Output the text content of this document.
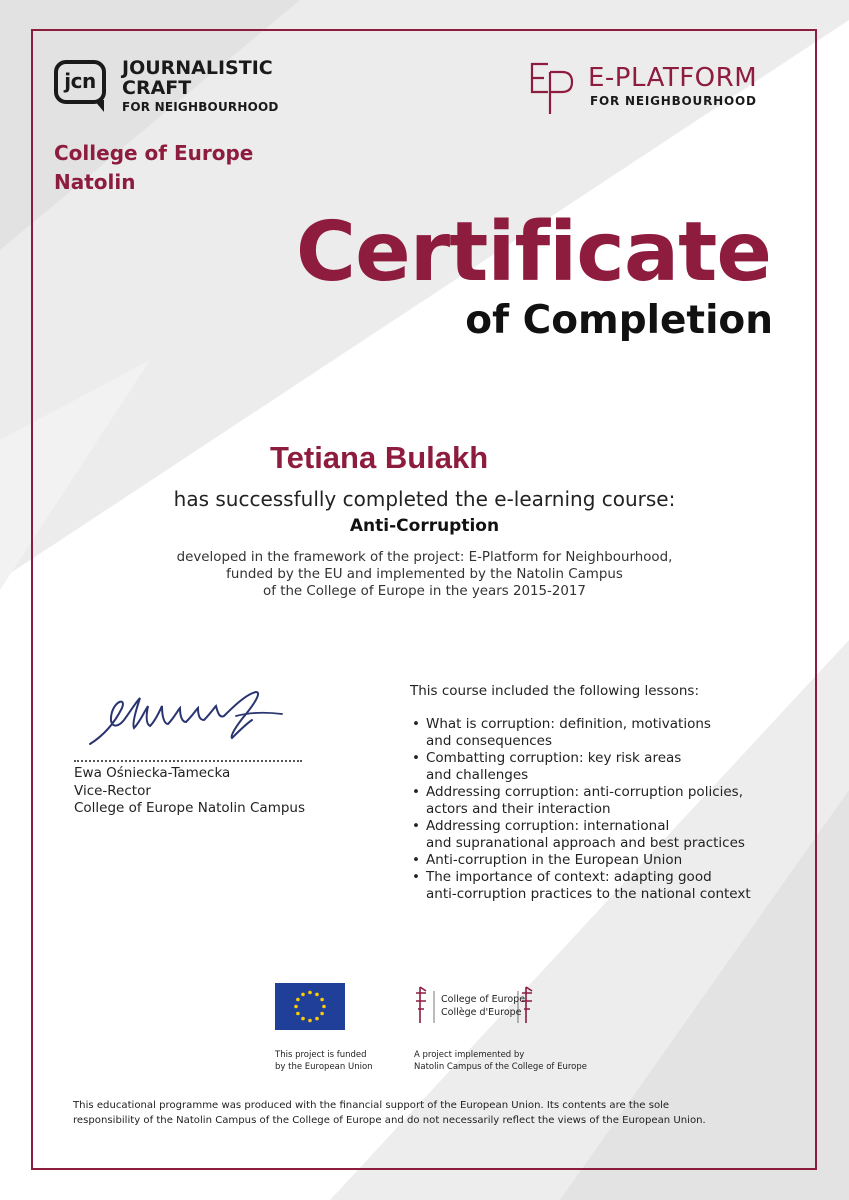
jcn
JOURNALISTIC
CRAFT
FOR NEIGHBOURHOOD
College of Europe
Natolin
E-PLATFORM
FOR NEIGHBOURHOOD
Certificate
of Completion
Tetiana Bulakh
has successfully completed the e-learning course:
Anti-Corruption
developed in the framework of the project: E-Platform for Neighbourhood,
funded by the EU and implemented by the Natolin Campus
of the College of Europe in the years 2015-2017
Ewa Ośniecka-Tamecka
Vice-Rector
College of Europe Natolin Campus
This course included the following lessons:
• What is corruption: definition, motivations
and consequences
• Combatting corruption: key risk areas
and challenges
• Addressing corruption: anti-corruption policies,
actors and their interaction
• Addressing corruption: international
and supranational approach and best practices
• Anti-corruption in the European Union
• The importance of context: adapting good
anti-corruption practices to the national context
This project is funded
by the European Union
College of Europe
Collège d'Europe
A project implemented by
Natolin Campus of the College of Europe
This educational programme was produced with the financial support of the European Union. Its contents are the sole
responsibility of the Natolin Campus of the College of Europe and do not necessarily reflect the views of the European Union.
